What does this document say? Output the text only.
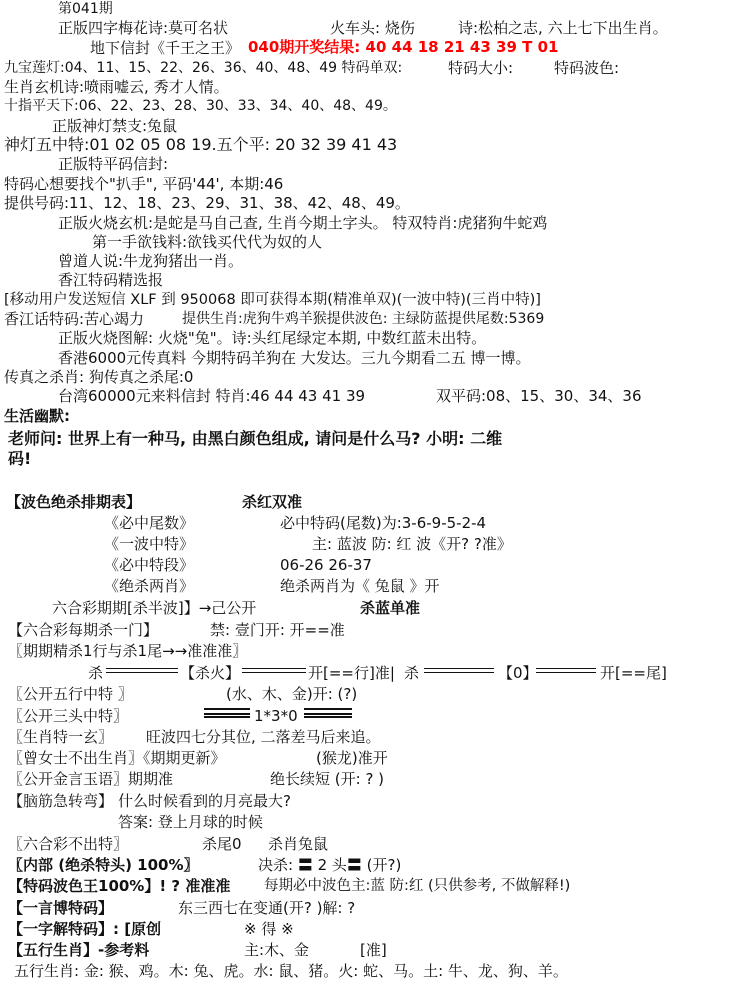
第041期
正版四字梅花诗:莫可名状	火车头: 烧伤	诗:松柏之志, 六上七下出生肖。
地下信封《千王之王》 040期开奖结果: 40 44 18 21 43 39 T 01
九宝莲灯:04、11、15、22、26、36、40、48、49 特码单双:	特码大小:	特码波色:
生肖玄机诗:喷雨嘘云, 秀才人情。
十指平天下:06、22、23、28、30、33、34、40、48、49。
正版神灯禁支:兔鼠
神灯五中特:01 02 05 08 19.五个平: 20 32 39 41 43
正版特平码信封:
特码心想要找个"扒手", 平码'44', 本期:46
提供号码:11、12、18、23、29、31、38、42、48、49。
正版火烧玄机:是蛇是马自己查, 生肖今期土字头。 特双特肖:虎猪狗牛蛇鸡
第一手欲钱料:欲钱买代代为奴的人
曾道人说:牛龙狗猪出一肖。
香江特码精选报
[移动用户发送短信 XLF 到 950068 即可获得本期(精准单双)(一波中特)(三肖中特)]
香江话特码:苦心竭力	提供生肖:虎狗牛鸡羊猴提供波色: 主绿防蓝提供尾数:5369
正版火烧图解: 火烧"兔"。诗:头红尾绿定本期, 中数红蓝未出特。
香港6000元传真料 今期特码羊狗在 大发达。三九今期看二五 博一博。
传真之杀肖: 狗传真之杀尾:0
台湾60000元来料信封 特肖:46 44 43 41 39	双平码:08、15、30、34、36
生活幽默:
老师问: 世界上有一种马, 由黑白颜色组成, 请问是什么马? 小明: 二维
码!
【波色绝杀排期表】	杀红双准
《必中尾数》	必中特码(尾数)为:3-6-9-5-2-4
《一波中特》	主: 蓝波 防: 红 波《开? ?准》
《必中特段》	06-26 26-37
《绝杀两肖》	绝杀两肖为《 兔鼠 》开
六合彩期期[杀半波]】→己公开	杀蓝单准
【六合彩每期杀一门】	禁: 壹门开: 开==准
〖期期精杀1行与杀1尾→→准准准〗
杀	【杀火】	开[==行]准| 杀	【0】	开[==尾]
〖公开五行中特 〗	(水、木、金)开: (?)
〖公开三头中特〗	1*3*0
〖生肖特一玄〗 旺波四七分其位, 二落差马后来追。
〖曾女士不出生肖〗《期期更新》	(猴龙)准开
〖公开金言玉语〗期期准	绝长续短 (开: ? )
【脑筋急转弯】 什么时候看到的月亮最大?
答案: 登上月球的时候
〖六合彩不出特〗	杀尾0 杀肖兔鼠
〖内部 (绝杀特头) 100%〗	决杀: 〓 2 头〓 (开?)
【特码波色王100%】! ? 准准准 每期必中波色主:蓝 防:红 (只供参考, 不做解释!)
【一言博特码】	东三西七在变通(开? )解: ?
【一字解特码】: [原创	※ 得 ※
【五行生肖】-参考料	主:木、金	[准]
五行生肖: 金: 猴、鸡。木: 兔、虎。水: 鼠、猪。火: 蛇、马。土: 牛、龙、狗、羊。
